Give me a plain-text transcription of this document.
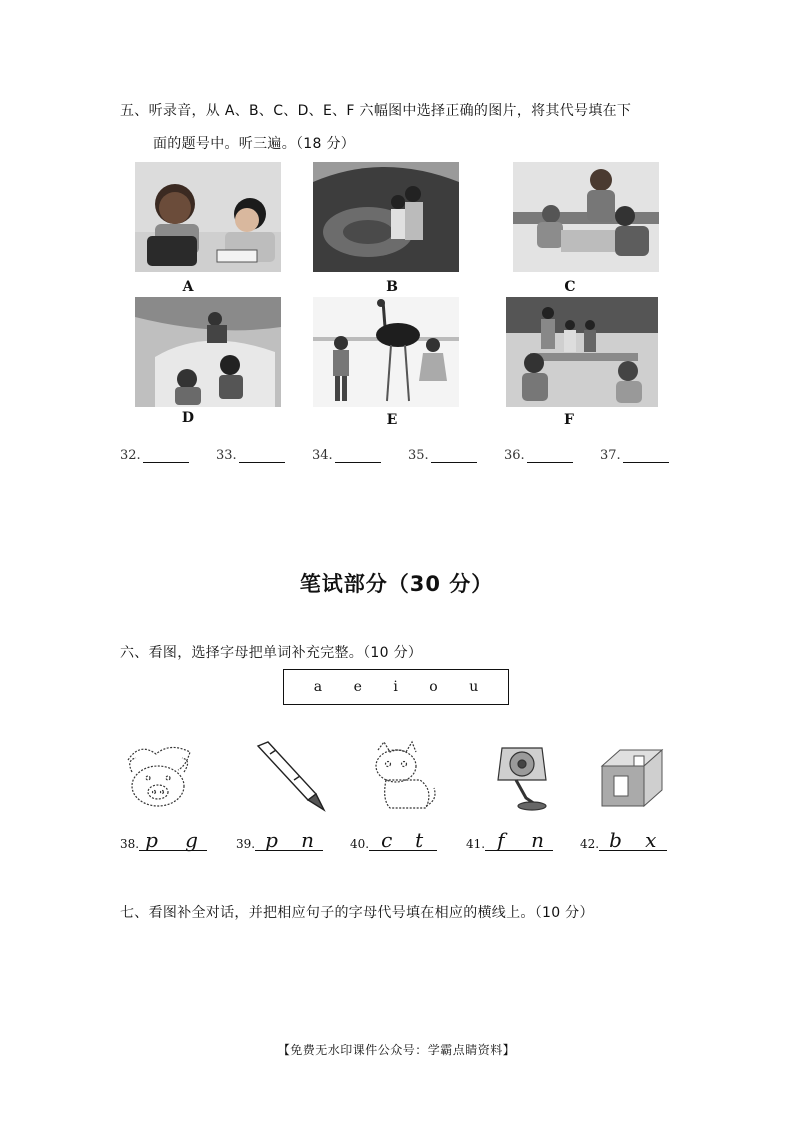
五、听录音，从 A、B、C、D、E、F 六幅图中选择正确的图片，将其代号填在下
面的题号中。听三遍。（18 分）
A	B	C
D	E	F
32.	33.	34.	35.	36.	37.
笔试部分（30 分）
六、看图，选择字母把单词补充完整。（10 分）
a e i o u
38. p g	39. p n	40. c t	41. f n	42. b x
七、看图补全对话，并把相应句子的字母代号填在相应的横线上。（10 分）
【免费无水印课件公众号：学霸点睛资料】
